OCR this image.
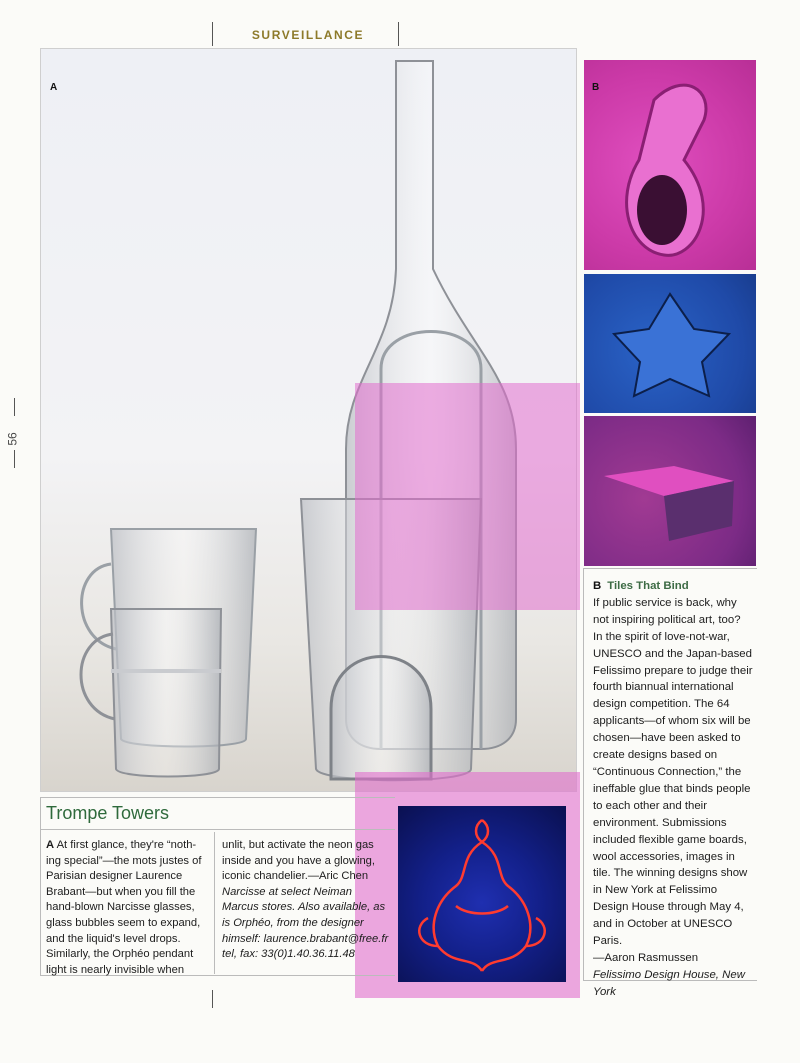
SURVEILLANCE
56
A	B
B Tiles That Bind
If public service is back, why not inspiring political art, too? In the spirit of love-not-war, UNESCO and the Japan-based Felissimo prepare to judge their fourth biannual international design competition. The 64 applicants—of whom six will be chosen—have been asked to create designs based on “Continuous Connection,” the ineffable glue that binds people to each other and their environment. Submissions included flexible game boards, wool accessories, images in tile. The winning designs show in New York at Felissimo Design House through May 4, and in October at UNESCO Paris.
—Aaron Rasmussen
Felissimo Design House, New York
Trompe Towers
A At first glance, they're “noth-ing special”—the mots justes of Parisian designer Laurence Brabant—but when you fill the hand-blown Narcisse glasses, glass bubbles seem to expand, and the liquid's level drops. Similarly, the Orphéo pendant light is nearly invisible when
unlit, but activate the neon gas inside and you have a glowing, iconic chandelier.—Aric Chen Narcisse at select Neiman Marcus stores. Also available, as is Orphéo, from the designer himself: laurence.brabant@free.fr tel, fax: 33(0)1.40.36.11.48
